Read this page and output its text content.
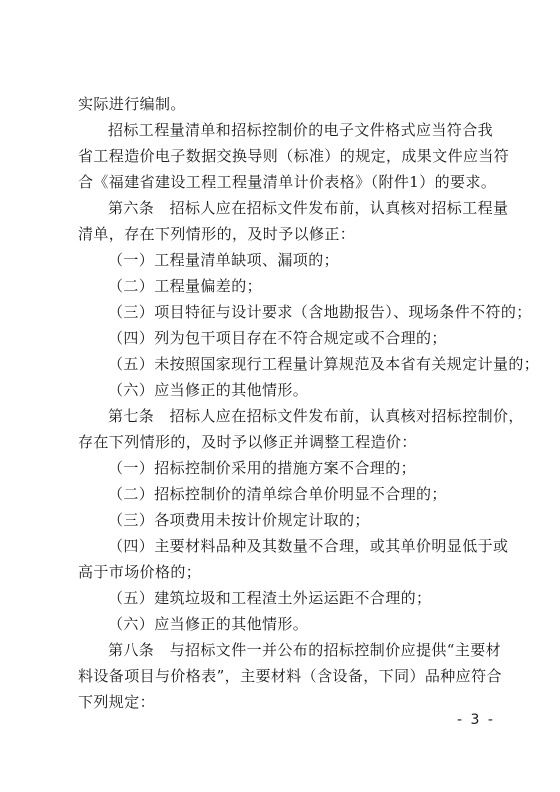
实际进行编制。
招标工程量清单和招标控制价的电子文件格式应当符合我
省工程造价电子数据交换导则（标准）的规定，成果文件应当符
合《福建省建设工程工程量清单计价表格》（附件1）的要求。
第六条　招标人应在招标文件发布前，认真核对招标工程量
清单，存在下列情形的，及时予以修正：
（一）工程量清单缺项、漏项的；
（二）工程量偏差的；
（三）项目特征与设计要求（含地勘报告）、现场条件不符的；
（四）列为包干项目存在不符合规定或不合理的；
（五）未按照国家现行工程量计算规范及本省有关规定计量的；
（六）应当修正的其他情形。
第七条　招标人应在招标文件发布前，认真核对招标控制价，
存在下列情形的，及时予以修正并调整工程造价：
（一）招标控制价采用的措施方案不合理的；
（二）招标控制价的清单综合单价明显不合理的；
（三）各项费用未按计价规定计取的；
（四）主要材料品种及其数量不合理，或其单价明显低于或
高于市场价格的；
（五）建筑垃圾和工程渣土外运运距不合理的；
（六）应当修正的其他情形。
第八条　与招标文件一并公布的招标控制价应提供“主要材
料设备项目与价格表”，主要材料（含设备，下同）品种应符合
下列规定：
- 3 -
